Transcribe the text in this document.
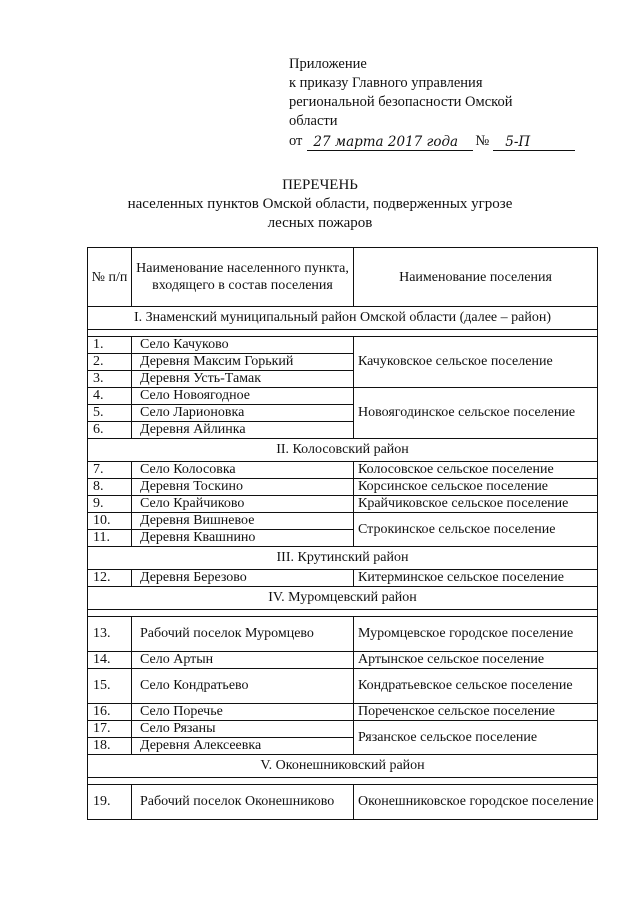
Приложение
к приказу Главного управления
региональной безопасности Омской
области
от 27 марта 2017 года	№	5-П
ПЕРЕЧЕНЬ
населенных пунктов Омской области, подверженных угрозе
лесных пожаров
№ п/п	Наименование населенного пункта, входящего в состав поселения	Наименование поселения
I. Знаменский муниципальный район Омской области (далее – район)		

1.	Село Качуково	Качуковское сельское поселение
2.	Деревня Максим Горький	
3.	Деревня Усть-Тамак	
4.	Село Новоягодное	Новоягодинское сельское поселение
5.	Село Ларионовка	
6.	Деревня Айлинка	
II. Колосовский район		
7.	Село Колосовка	Колосовское сельское поселение
8.	Деревня Тоскино	Корсинское сельское поселение
9.	Село Крайчиково	Крайчиковское сельское поселение
10.	Деревня Вишневое	Строкинское сельское поселение
11.	Деревня Квашнино	
III. Крутинский район		
12.	Деревня Березово	Китерминское сельское поселение
IV. Муромцевский район		

13.	Рабочий поселок Муромцево	Муромцевское городское поселение
14.	Село Артын	Артынское сельское поселение
15.	Село Кондратьево	Кондратьевское сельское поселение
16.	Село Поречье	Пореченское сельское поселение
17.	Село Рязаны	Рязанское сельское поселение
18.	Деревня Алексеевка	
V. Оконешниковский район		

19.	Рабочий поселок Оконешниково	Оконешниковское городское поселение
